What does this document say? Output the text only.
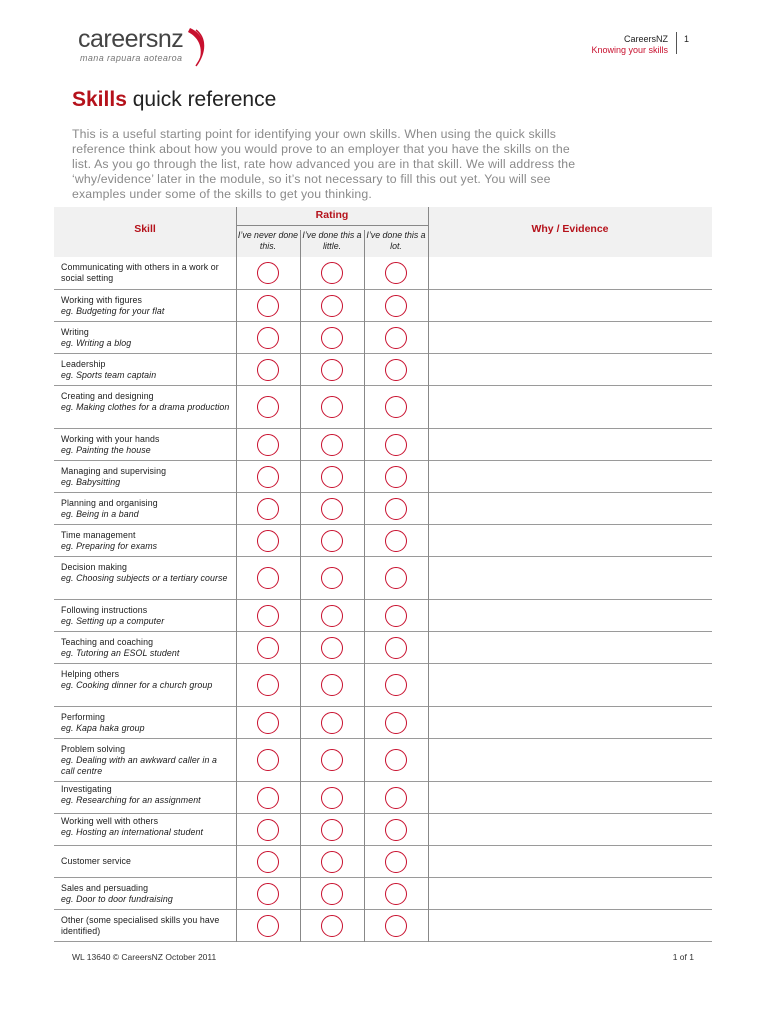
careersnz
mana rapuara aotearoa
CareersNZ
Knowing your skills
1
Skills quick reference
This is a useful starting point for identifying your own skills. When using the quick skills reference think about how you would prove to an employer that you have the skills on the list. As you go through the list, rate how advanced you are in that skill. We will address the ‘why/evidence’ later in the module, so it’s not necessary to fill this out yet. You will see examples under some of the skills to get you thinking.
Skill
Rating
I’ve never done this.
I’ve done this a little.
I’ve done this a lot.
Why / Evidence
Communicating with others in a work or social setting
Working with figures
eg. Budgeting for your flat
Writing
eg. Writing a blog
Leadership
eg. Sports team captain
Creating and designing
eg. Making clothes for a drama production
Working with your hands
eg. Painting the house
Managing and supervising
eg. Babysitting
Planning and organising
eg. Being in a band
Time management
eg. Preparing for exams
Decision making
eg. Choosing subjects or a tertiary course
Following instructions
eg. Setting up a computer
Teaching and coaching
eg. Tutoring an ESOL student
Helping others
eg. Cooking dinner for a church group
Performing
eg. Kapa haka group
Problem solving
eg. Dealing with an awkward caller in a call centre
Investigating
eg. Researching for an assignment
Working well with others
eg. Hosting an international student
Customer service
Sales and persuading
eg. Door to door fundraising
Other (some specialised skills you have identified)
WL 13640 © CareersNZ October 2011	1 of 1
